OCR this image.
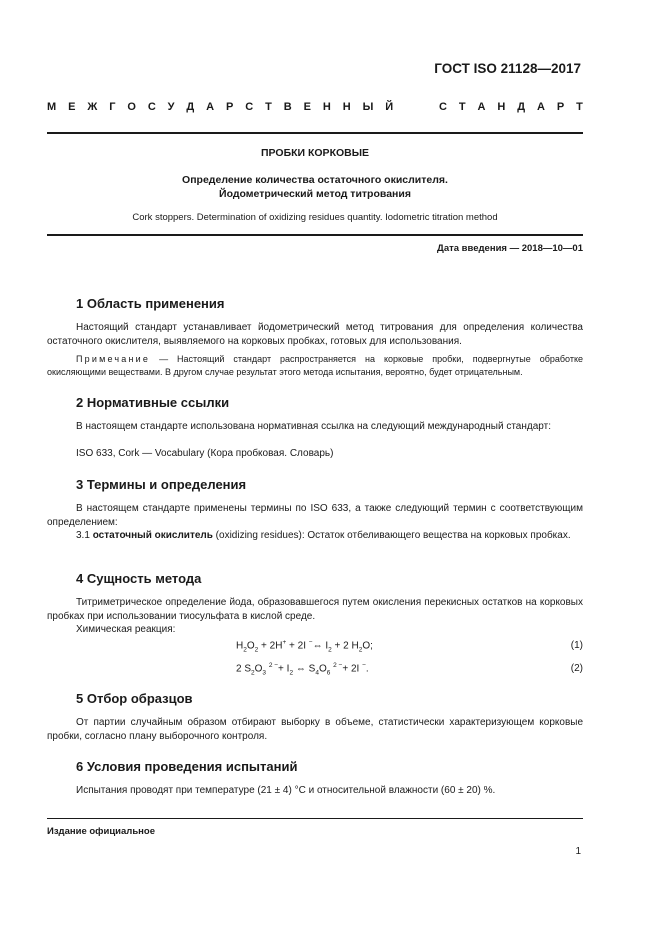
ГОСТ ISO 21128—2017
М Е Ж Г О С У Д А Р С Т В Е Н Н Ы Й	С Т А Н Д А Р Т
ПРОБКИ КОРКОВЫЕ
Определение количества остаточного окислителя.
Йодометрический метод титрования
Cork stoppers. Determination of oxidizing residues quantity. Iodometric titration method
Дата введения — 2018—10—01
1 Область применения
Настоящий стандарт устанавливает йодометрический метод титрования для определения количества остаточного окислителя, выявляемого на корковых пробках, готовых для использования.
Примечание — Настоящий стандарт распространяется на корковые пробки, подвергнутые обработке окисляющими веществами. В другом случае результат этого метода испытания, вероятно, будет отрицательным.
2 Нормативные ссылки
В настоящем стандарте использована нормативная ссылка на следующий международный стандарт:
ISO 633, Cork — Vocabulary (Кора пробковая. Словарь)
3 Термины и определения
В настоящем стандарте применены термины по ISO 633, а также следующий термин с соответствующим определением:
3.1 остаточный окислитель (oxidizing residues): Остаток отбеливающего вещества на корковых пробках.
4 Сущность метода
Титриметрическое определение йода, образовавшегося путем окисления перекисных остатков на корковых пробках при использовании тиосульфата в кислой среде.
Химическая реакция:
$H_2O_2 + 2H^+ + 2I$ −⇔ $I_2 + 2$ $H_2O$;	(1)
2 $S_2O_3$ $^{2 -}+ I_2$ ⇔ $S_4O_6$ $^{2 -}$+ 2I −.	(2)
5 Отбор образцов
От партии случайным образом отбирают выборку в объеме, статистически характеризующем корковые пробки, согласно плану выборочного контроля.
6 Условия проведения испытаний
Испытания проводят при температуре (21 ± 4) °С и относительной влажности (60 ± 20) %.
Издание официальное
1
